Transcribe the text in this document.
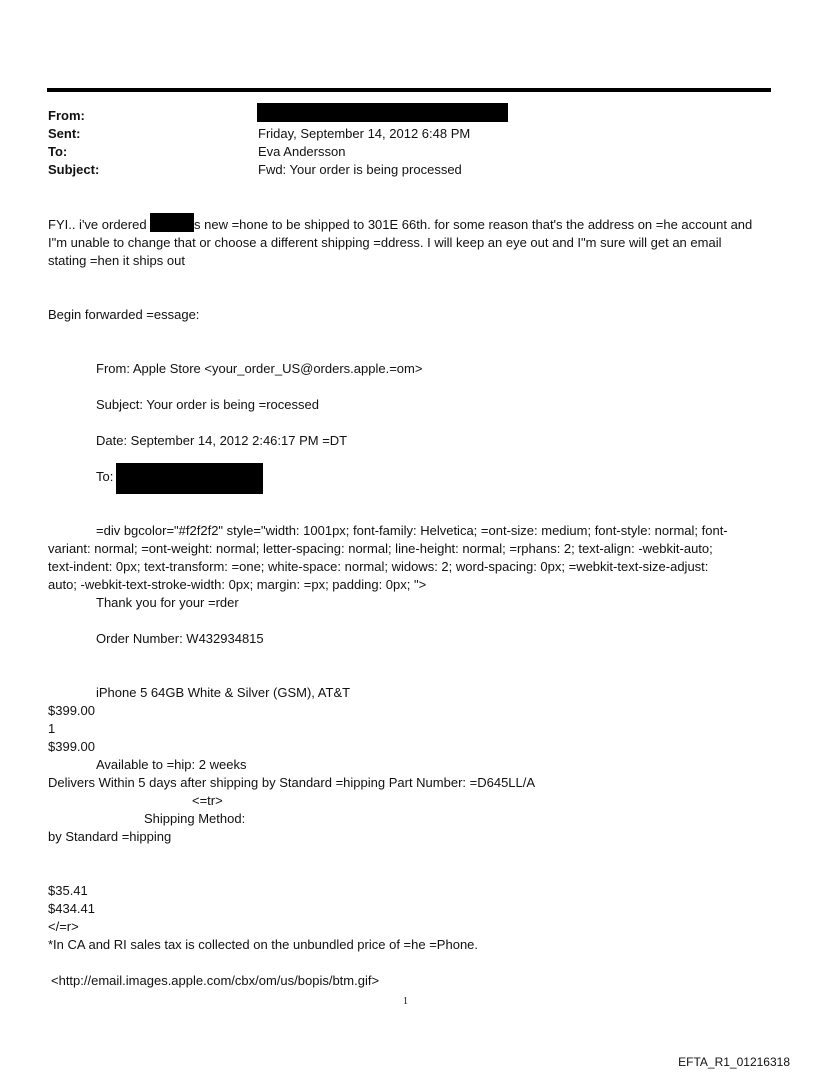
From:
Sent:	Friday, September 14, 2012 6:48 PM
To:	Eva Andersson
Subject:	Fwd: Your order is being processed
FYI.. i've ordered	s new =hone to be shipped to 301E 66th. for some reason that's the address on =he account and
I"m unable to change that or choose a different shipping =ddress. I will keep an eye out and I"m sure will get an email
stating =hen it ships out
Begin forwarded =essage:
From: Apple Store <your_order_US@orders.apple.=om>
Subject: Your order is being =rocessed
Date: September 14, 2012 2:46:17 PM =DT
To:
=div bgcolor="#f2f2f2" style="width: 1001px; font-family: Helvetica; =ont-size: medium; font-style: normal; font-
variant: normal; =ont-weight: normal; letter-spacing: normal; line-height: normal; =rphans: 2; text-align: -webkit-auto;
text-indent: 0px; text-transform: =one; white-space: normal; widows: 2; word-spacing: 0px; =webkit-text-size-adjust:
auto; -webkit-text-stroke-width: 0px; margin: =px; padding: 0px; ">
Thank you for your =rder
Order Number: W432934815
iPhone 5 64GB White & Silver (GSM), AT&T
$399.00
1
$399.00
Available to =hip: 2 weeks
Delivers Within 5 days after shipping by Standard =hipping Part Number: =D645LL/A
<=tr>
Shipping Method:
by Standard =hipping
$35.41
$434.41
</=r>
*In CA and RI sales tax is collected on the unbundled price of =he =Phone.
<http://email.images.apple.com/cbx/om/us/bopis/btm.gif>
1
EFTA_R1_01216318
